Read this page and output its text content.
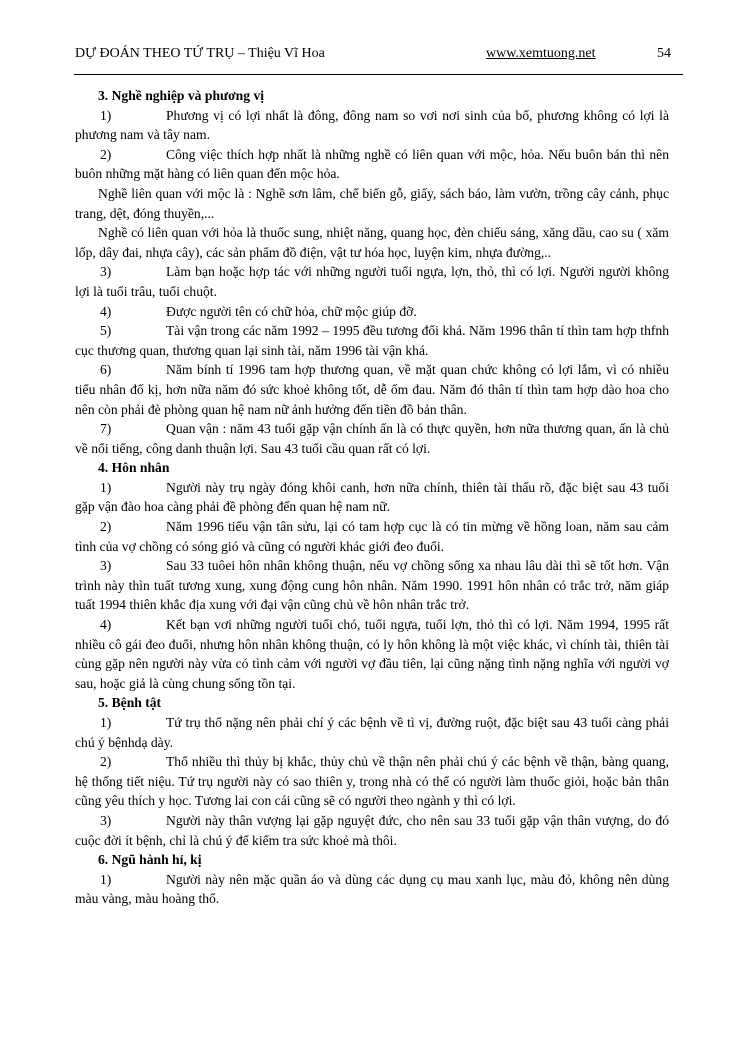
DỰ ĐOÁN THEO TỨ TRỤ – Thiệu Vĩ Hoa	www.xemtuong.net	54

3. Nghề nghiệp và phương vị

1)	Phương vị có lợi nhất là đông, đông nam so vơi nơi sinh của bố, phương không có lợi là phương nam và tây nam.

2)	Công việc thích hợp nhất là những nghề có liên quan với mộc, hỏa. Nếu buôn bán thì nên buôn những mặt hàng có liên quan đến mộc hỏa.

Nghề liên quan với mộc là : Nghề sơn lâm, chế biến gỗ, giấy, sách báo, làm vườn, trồng cây cảnh, phục trang, dệt, đóng thuyền,...

Nghề có liên quan với hỏa là thuốc sung, nhiệt năng, quang học, đèn chiếu sáng, xăng dầu, cao su ( xăm lốp, dây đai, nhựa cây), các sản phẩm đồ điện, vật tư hóa học, luyện kim, nhựa đường,..

3)	Làm bạn hoặc hợp tác với những người tuổi ngựa, lợn, thỏ, thì có lợi. Người người không lợi là tuổi trâu, tuổi chuột.

4)	Được người tên có chữ hỏa, chữ mộc giúp đỡ.

5)	Tài vận trong các năm 1992 – 1995 đều tương đối khá. Năm 1996 thân tí thìn tam hợp thfnh cục thương quan, thương quan lại sinh tài, năm 1996 tài vận khá.

6)	Năm bính tí 1996 tam hợp thương quan, về mặt quan chức không có lợi lắm, vì có nhiều tiểu nhân đố kị, hơn nữa năm đó sức khoẻ không tốt, dễ ốm đau. Năm đó thân tí thìn tam hợp dào hoa cho nên còn phải đè phòng quan hệ nam nữ ảnh hưởng đến tiền đồ bản thân.

7)	Quan vận : năm 43 tuổi gặp vận chính ấn là có thực quyền, hơn nữa thương quan, ấn là chủ về nổi tiếng, công danh thuận lợi. Sau 43 tuổi cầu quan rất có lợi.

4. Hôn nhân

1)	Người này trụ ngày đóng khôi canh, hơn nữa chính, thiên tài thấu rõ, đặc biệt sau 43 tuổi gặp vận đào hoa càng phải đề phòng đến quan hệ nam nữ.

2)	Năm 1996 tiểu vận tân sửu, lại có tam hợp cục là có tin mừng về hồng loan, năm sau cảm tình của vợ chồng có sóng gió và cũng có người khác giới đeo đuổi.

3)	Sau 33 tuôei hôn nhân không thuận, nếu vợ chồng sống xa nhau lâu dài thì sẽ tốt hơn. Vận trình này thìn tuất tương xung, xung động cung hôn nhân. Năm 1990. 1991 hôn nhân có trắc trở, năm giáp tuất 1994 thiên khắc địa xung với đại vận cũng chủ về hôn nhân trắc trở.

4)	Kết bạn vơi những người tuổi chó, tuổi ngựa, tuổi lợn, thỏ thì có lợi. Năm 1994, 1995 rất nhiều cô gái đeo đuổi, nhưng hôn nhân không thuận, có ly hôn không là một việc khác, vì chính tài, thiên tài cùng gặp nên người này vừa có tình cảm với người vợ đầu tiên, lại cũng nặng tình nặng nghĩa với người vợ sau, hoặc giả là cùng chung sống tồn tại.

5. Bệnh tật

1)	Tứ trụ thổ nặng nên phải chí ý các bệnh về tì vị, đường ruột, đặc biệt sau 43 tuổi càng phải chú ý bệnhdạ dày.

2)	Thổ nhiều thì thủy bị khắc, thủy chủ về thận nên phải chú ý các bệnh về thận, bàng quang, hệ thống tiết niệu. Tứ trụ người này có sao thiên y, trong nhà có thể có người làm thuốc giỏi, hoặc bản thân cũng yêu thích y học. Tương lai con cái cũng sẽ có người theo ngành y thì có lợi.

3)	Người này thân vượng lại gặp nguyệt đức, cho nên sau 33 tuổi gặp vận thân vượng, do đó cuộc đời ít bệnh, chỉ là chú ý để kiểm tra sức khoẻ mà thôi.

6. Ngũ hành hỉ, kị

1)	Người này nên mặc quần áo và dùng các dụng cụ mau xanh lục, màu đỏ, không nên dùng màu vàng, màu hoàng thổ.
